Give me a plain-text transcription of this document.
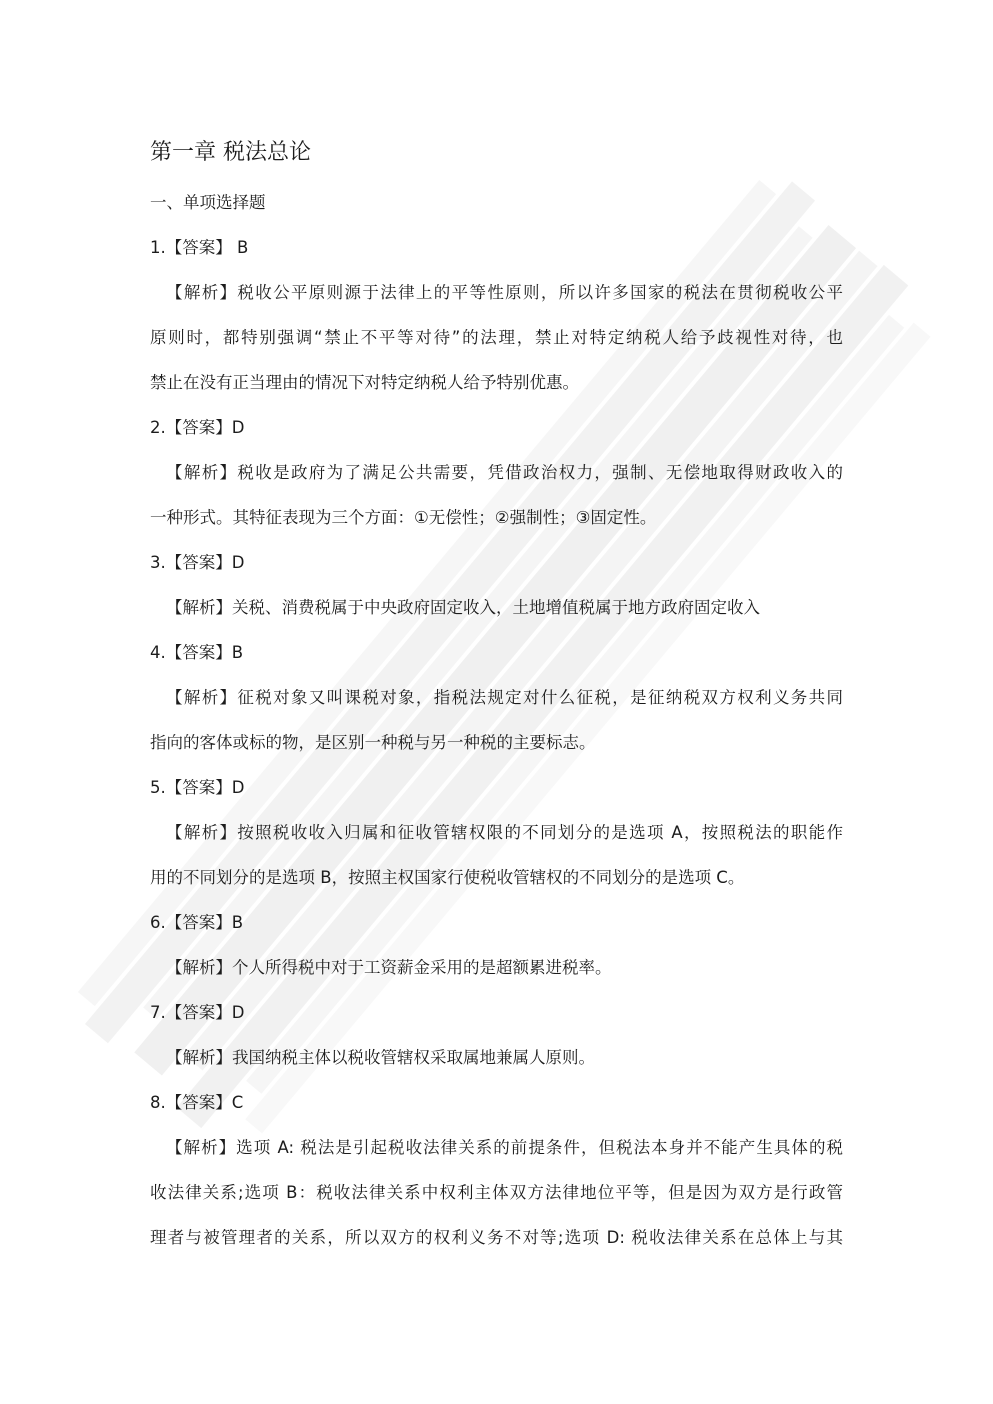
第一章 税法总论
一、单项选择题
1.【答案】 B
【解析】税收公平原则源于法律上的平等性原则，所以许多国家的税法在贯彻税收公平
原则时，都特别强调“禁止不平等对待”的法理，禁止对特定纳税人给予歧视性对待，也
禁止在没有正当理由的情况下对特定纳税人给予特别优惠。
2.【答案】D
【解析】税收是政府为了满足公共需要，凭借政治权力，强制、无偿地取得财政收入的
一种形式。其特征表现为三个方面：①无偿性；②强制性；③固定性。
3.【答案】D
【解析】关税、消费税属于中央政府固定收入，土地增值税属于地方政府固定收入
4.【答案】B
【解析】征税对象又叫课税对象，指税法规定对什么征税，是征纳税双方权利义务共同
指向的客体或标的物，是区别一种税与另一种税的主要标志。
5.【答案】D
【解析】按照税收收入归属和征收管辖权限的不同划分的是选项 A，按照税法的职能作
用的不同划分的是选项 B，按照主权国家行使税收管辖权的不同划分的是选项 C。
6.【答案】B
【解析】个人所得税中对于工资薪金采用的是超额累进税率。
7.【答案】D
【解析】我国纳税主体以税收管辖权采取属地兼属人原则。
8.【答案】C
【解析】选项 A: 税法是引起税收法律关系的前提条件，但税法本身并不能产生具体的税
收法律关系;选项 B：税收法律关系中权利主体双方法律地位平等，但是因为双方是行政管
理者与被管理者的关系，所以双方的权利义务不对等;选项 D: 税收法律关系在总体上与其
